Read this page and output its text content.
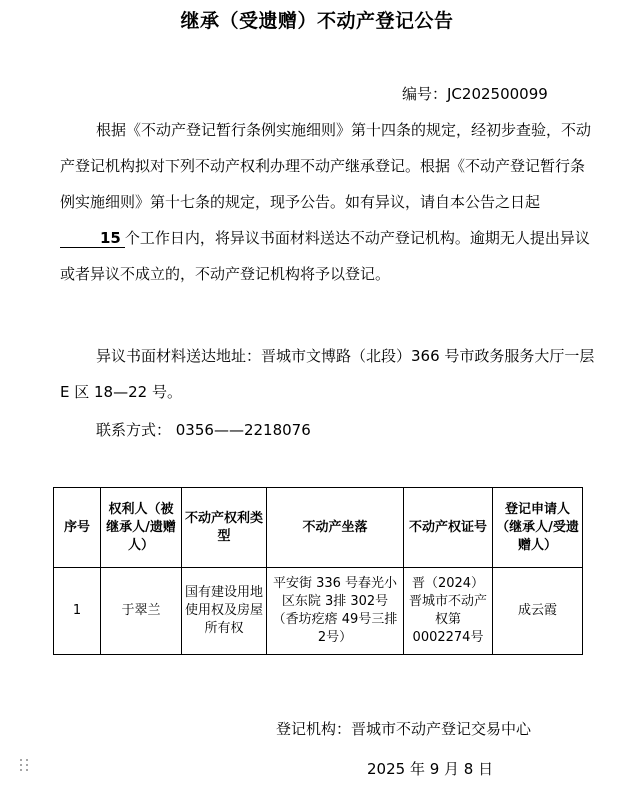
继承（受遗赠）不动产登记公告
编号：JC202500099
根据《不动产登记暂行条例实施细则》第十四条的规定，经初步查验，不动产登记机构拟对下列不动产权利办理不动产继承登记。根据《不动产登记暂行条例实施细则》第十七条的规定，现予公告。如有异议，请自本公告之日起15 个工作日内，将异议书面材料送达不动产登记机构。逾期无人提出异议或者异议不成立的，不动产登记机构将予以登记。
异议书面材料送达地址：晋城市文博路（北段）366 号市政务服务大厅一层 E 区 18—22 号。
联系方式： 0356——2218076
序号	权利人（被继承人/遗赠人）	不动产权利类型	不动产坐落	不动产权证号	登记申请人（继承人/受遗赠人）
1	于翠兰	国有建设用地使用权及房屋所有权	平安街 336 号春光小区东院 3排 302号（香坊疙瘩 49号三排 2号）	晋（2024）晋城市不动产权第 0002274号	成云霞
登记机构：晋城市不动产登记交易中心
2025 年 9 月 8 日
